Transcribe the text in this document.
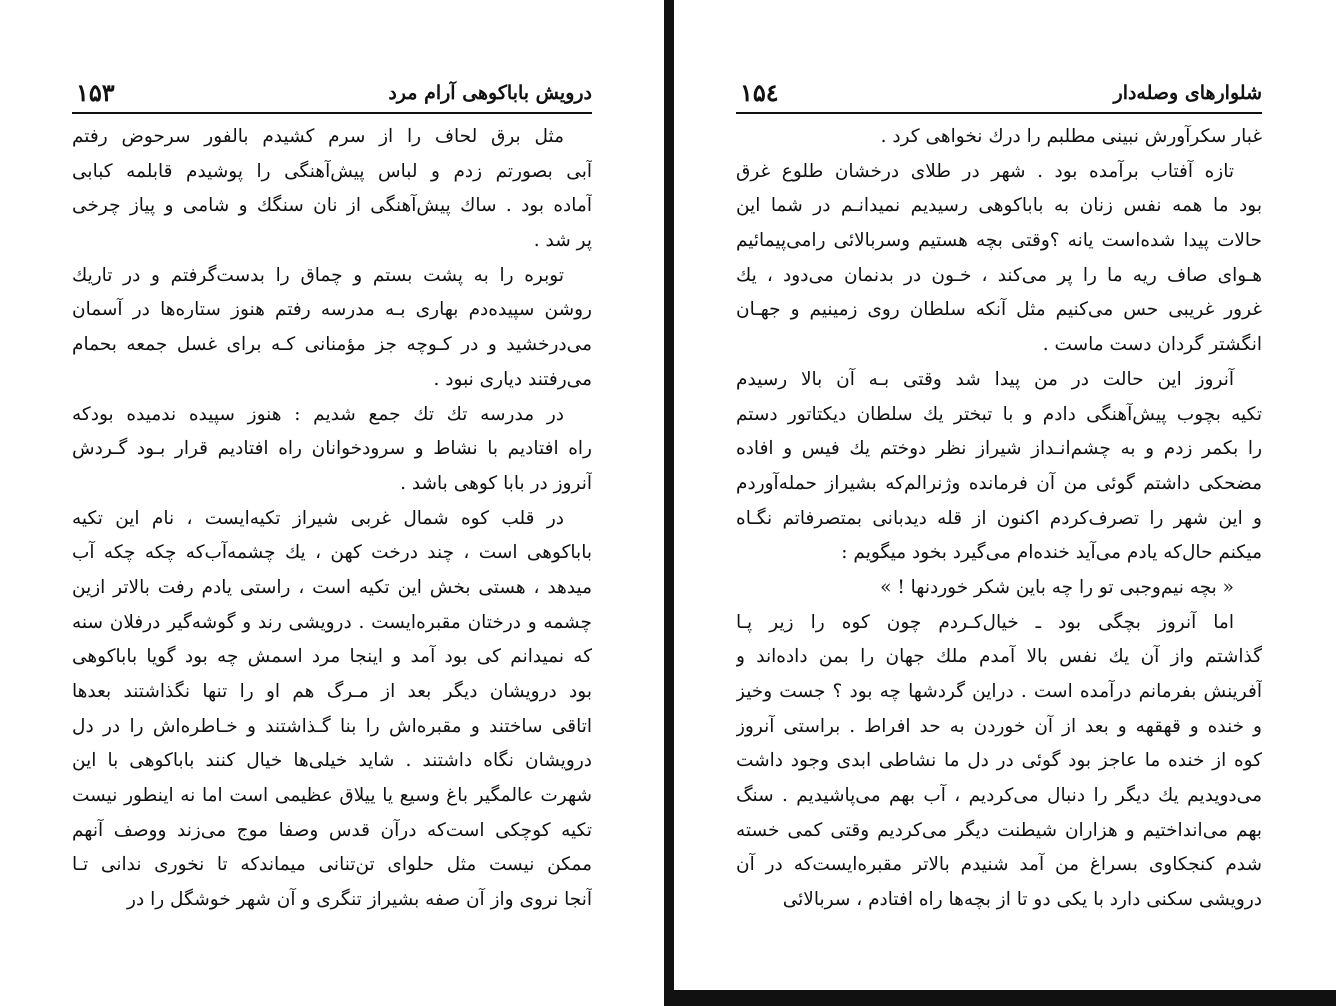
درویش باباکوهی آرام مرد
۱۵۳
مثل برق لحاف را از سرم کشیدم بالفور سرحوض رفتم
آبی بصورتم زدم و لباس پیش‌آهنگی را پوشیدم قابلمه کبابی
آماده بود . ساك پیش‌آهنگی از نان سنگك و شامی و پیاز چرخی
پر شد .
توبره را به پشت بستم و چماق را بدست‌گرفتم و در تاریك
روشن سپیده‌دم بهاری بـه مدرسه رفتم هنوز ستاره‌ها در آسمان
می‌درخشید و در کـوچه جز مؤمنانی کـه برای غسل جمعه بحمام
می‌رفتند دیاری نبود .
در مدرسه تك تك جمع شدیم : هنوز سپیده ندمیده بودکه
راه افتادیم با نشاط و سرودخوانان راه افتادیم قرار بـود گـردش
آنروز در بابا کوهی باشد .
در قلب کوه شمال غربی شیراز تکیه‌ایست ، نام این تکیه
باباکوهی است ، چند درخت کهن ، یك چشمه‌آب‌که چکه چکه آب
میدهد ، هستی بخش این تکیه است ، راستی یادم رفت بالاتر ازین
چشمه و درختان مقبره‌ایست . درویشی رند و گوشه‌گیر درفلان سنه
که نمیدانم کی بود آمد و اینجا مرد اسمش چه بود گویا باباکوهی
بود درویشان دیگر بعد از مـرگ هم او را تنها نگذاشتند بعدها
اتاقی ساختند و مقبره‌اش را بنا گـذاشتند و خـاطره‌اش را در دل
درویشان نگاه داشتند . شاید خیلی‌ها خیال کنند باباکوهی با این
شهرت عالمگیر باغ وسیع یا ییلاق عظیمی است اما نه اینطور نیست
تکیه کوچکی است‌که درآن قدس وصفا موج می‌زند ووصف آنهم
ممکن نیست مثل حلوای تن‌تنانی میماندکه تا نخوری ندانی تـا
آنجا نروی واز آن صفه بشیراز تنگری و آن شهر خوشگل را در
شلوارهای وصله‌دار
۱۵٤
غبار سکرآورش نبینی مطلبم را درك نخواهی کرد .
تازه آفتاب برآمده بود . شهر در طلای درخشان طلوع غرق
بود ما همه نفس زنان به باباکوهی رسیدیم نمیدانـم در شما این
حالات پیدا شده‌است یانه ؟وقتی بچه هستیم وسربالائی رامی‌پیمائیم
هـوای صاف ریه ما را پر می‌کند ، خـون در بدنمان می‌دود ، یك
غرور غریبی حس می‌کنیم مثل آنکه سلطان روی زمینیم و جهـان
انگشتر گردان دست ماست .
آنروز این حالت در من پیدا شد وقتی بـه آن بالا رسیدم
تکیه بچوب پیش‌آهنگی دادم و با تبختر یك سلطان دیکتاتور دستم
را بکمر زدم و به چشم‌انـداز شیراز نظر دوختم یك فیس و افاده
مضحکی داشتم گوئی من آن فرمانده وژنرالم‌که بشیراز حمله‌آوردم
و این شهر را تصرف‌کردم اکنون از قله دیدبانی بمتصرفاتم نگـاه
میکنم حال‌که یادم می‌آید خنده‌ام می‌گیرد بخود میگویم :
« بچه نیم‌وجبی تو را چه باین شکر خوردنها ! »
اما آنروز بچگی بود ـ خیال‌کـردم چون کوه را زیر پـا
گذاشتم واز آن یك نفس بالا آمدم ملك جهان را بمن داده‌اند و
آفرینش بفرمانم درآمده است . دراین گردشها چه بود ؟ جست وخیز
و خنده و قهقهه و بعد از آن خوردن به حد افراط . براستی آنروز
کوه از خنده ما عاجز بود گوئی در دل ما نشاطی ابدی وجود داشت
می‌دویدیم یك دیگر را دنبال می‌کردیم ، آب بهم می‌پاشیدیم . سنگ
بهم می‌انداختیم و هزاران شیطنت دیگر می‌کردیم وقتی کمی خسته
شدم کنجکاوی بسراغ من آمد شنیدم بالاتر مقبره‌ایست‌که در آن
درویشی سکنی دارد با یکی دو تا از بچه‌ها راه افتادم ، سربالائی
